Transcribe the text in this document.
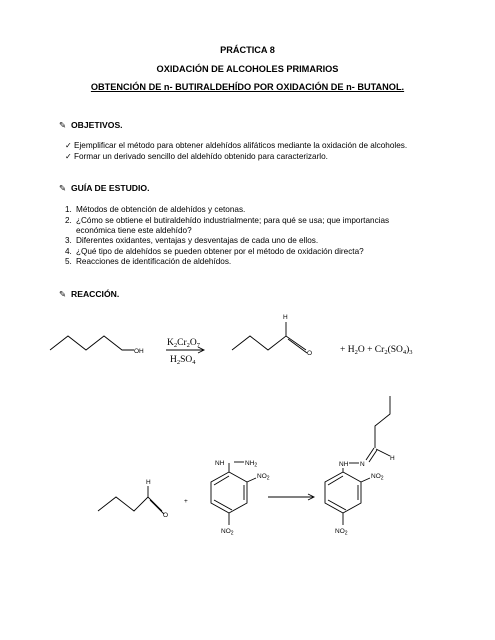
PRÁCTICA 8
OXIDACIÓN DE ALCOHOLES PRIMARIOS
OBTENCIÓN DE n- BUTIRALDEHÍDO POR OXIDACIÓN DE n- BUTANOL.
✎ OBJETIVOS.
✓ Ejemplificar el método para obtener aldehídos alifáticos mediante la oxidación de alcoholes.
✓ Formar un derivado sencillo del aldehído obtenido para caracterizarlo.
✎ GUÍA DE ESTUDIO.
1. Métodos de obtención de aldehídos y cetonas.
2. ¿Cómo se obtiene el butiraldehído industrialmente; para qué se usa; que importancias
económica tiene este aldehído?
3. Diferentes oxidantes, ventajas y desventajas de cada uno de ellos.
4. ¿Qué tipo de aldehídos se pueden obtener por el método de oxidación directa?
5. Reacciones de identificación de aldehídos.
✎ REACCIÓN.
OH
$K_2Cr_2O_7$
$H_2SO_4$
H
O	+ $H_2O + Cr_2(SO_4)_3$
H
O
+
NH	$NH_2$
$NO_2$
$NO_2$
NH N
H
$NO_2$
$NO_2$
